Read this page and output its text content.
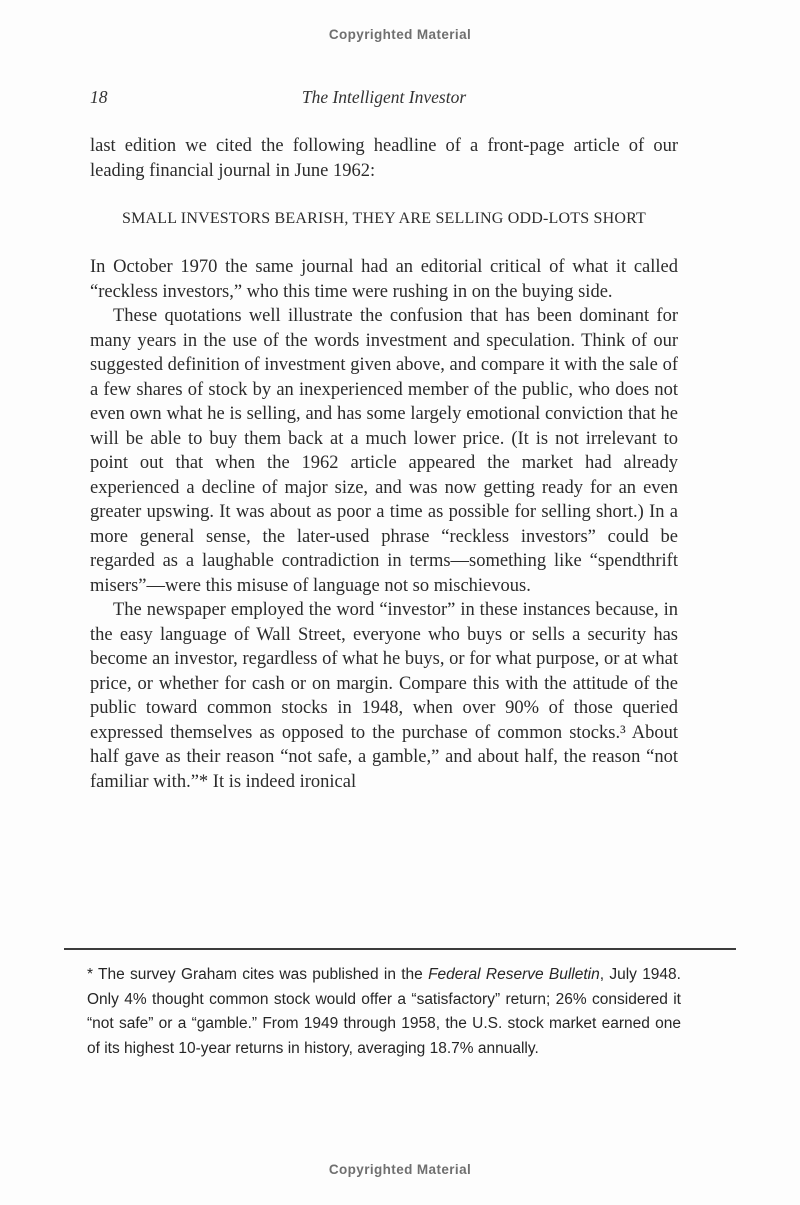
Copyrighted Material
18	The Intelligent Investor

last edition we cited the following headline of a front-page article of our leading financial journal in June 1962:

SMALL INVESTORS BEARISH, THEY ARE SELLING ODD-LOTS SHORT

In October 1970 the same journal had an editorial critical of what it called “reckless investors,” who this time were rushing in on the buying side.

These quotations well illustrate the confusion that has been dominant for many years in the use of the words investment and speculation. Think of our suggested definition of investment given above, and compare it with the sale of a few shares of stock by an inexperienced member of the public, who does not even own what he is selling, and has some largely emotional conviction that he will be able to buy them back at a much lower price. (It is not irrelevant to point out that when the 1962 article appeared the market had already experienced a decline of major size, and was now getting ready for an even greater upswing. It was about as poor a time as possible for selling short.) In a more general sense, the later-used phrase “reckless investors” could be regarded as a laughable contradiction in terms—something like “spendthrift misers”—were this misuse of language not so mischievous.

The newspaper employed the word “investor” in these instances because, in the easy language of Wall Street, everyone who buys or sells a security has become an investor, regardless of what he buys, or for what purpose, or at what price, or whether for cash or on margin. Compare this with the attitude of the public toward common stocks in 1948, when over 90% of those queried expressed themselves as opposed to the purchase of common stocks.³ About half gave as their reason “not safe, a gamble,” and about half, the reason “not familiar with.”* It is indeed ironical

* The survey Graham cites was published in the Federal Reserve Bulletin, July 1948. Only 4% thought common stock would offer a “satisfactory” return; 26% considered it “not safe” or a “gamble.” From 1949 through 1958, the U.S. stock market earned one of its highest 10-year returns in history, averaging 18.7% annually.

Copyrighted Material
